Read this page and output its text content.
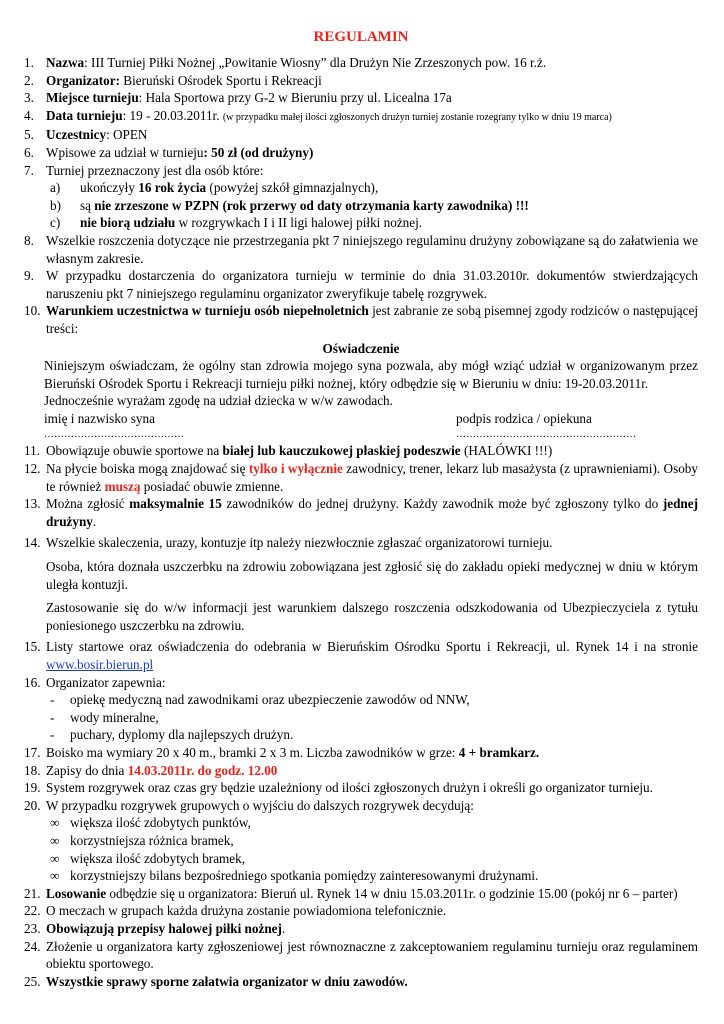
REGULAMIN
1. Nazwa: III Turniej Piłki Nożnej „Powitanie Wiosny” dla Drużyn Nie Zrzeszonych pow. 16 r.ż.
2. Organizator: Bieruński Ośrodek Sportu i Rekreacji
3. Miejsce turnieju: Hala Sportowa przy G-2 w Bieruniu przy ul. Licealna 17a
4. Data turnieju: 19 - 20.03.2011r. (w przypadku małej ilości zgłoszonych drużyn turniej zostanie rozegrany tylko w dniu 19 marca)
5. Uczestnicy: OPEN
6. Wpisowe za udział w turnieju: 50 zł (od drużyny)
7. Turniej przeznaczony jest dla osób które:
a)	ukończyły 16 rok życia (powyżej szkół gimnazjalnych),
b)	są nie zrzeszone w PZPN (rok przerwy od daty otrzymania karty zawodnika) !!!
c)	nie biorą udziału w rozgrywkach I i II ligi halowej piłki nożnej.
8. Wszelkie roszczenia dotyczące nie przestrzegania pkt 7 niniejszego regulaminu drużyny zobowiązane są do załatwienia we własnym zakresie.
9. W przypadku dostarczenia do organizatora turnieju w terminie do dnia 31.03.2010r. dokumentów stwierdzających naruszeniu pkt 7 niniejszego regulaminu organizator zweryfikuje tabelę rozgrywek.
10. Warunkiem uczestnictwa w turnieju osób niepełnoletnich jest zabranie ze sobą pisemnej zgody rodziców o następującej treści:
Oświadczenie
Niniejszym oświadczam, że ogólny stan zdrowia mojego syna pozwala, aby mógł wziąć udział w organizowanym przez Bieruński Ośrodek Sportu i Rekreacji turnieju piłki nożnej, który odbędzie się w Bieruniu w dniu: 19-20.03.2011r.
Jednocześnie wyrażam zgodę na udział dziecka w w/w zawodach.
imię i nazwisko syna	podpis rodzica / opiekuna
……………………………………	………………………………………………
11. Obowiązuje obuwie sportowe na białej lub kauczukowej płaskiej podeszwie (HALÓWKI !!!)
12. Na płycie boiska mogą znajdować się tylko i wyłącznie zawodnicy, trener, lekarz lub masażysta (z uprawnieniami). Osoby te również muszą posiadać obuwie zmienne.
13. Można zgłosić maksymalnie 15 zawodników do jednej drużyny. Każdy zawodnik może być zgłoszony tylko do jednej drużyny.
14. Wszelkie skaleczenia, urazy, kontuzje itp należy niezwłocznie zgłaszać organizatorowi turnieju.
Osoba, która doznała uszczerbku na zdrowiu zobowiązana jest zgłosić się do zakładu opieki medycznej w dniu w którym uległa kontuzji.
Zastosowanie się do w/w informacji jest warunkiem dalszego roszczenia odszkodowania od Ubezpieczyciela z tytułu poniesionego uszczerbku na zdrowiu.
15. Listy startowe oraz oświadczenia do odebrania w Bieruńskim Ośrodku Sportu i Rekreacji, ul. Rynek 14 i na stronie www.bosir.bierun.pl
16. Organizator zapewnia:
-	opiekę medyczną nad zawodnikami oraz ubezpieczenie zawodów od NNW,
-	wody mineralne,
-	puchary, dyplomy dla najlepszych drużyn.
17. Boisko ma wymiary 20 x 40 m., bramki 2 x 3 m. Liczba zawodników w grze: 4 + bramkarz.
18. Zapisy do dnia 14.03.2011r. do godz. 12.00
19. System rozgrywek oraz czas gry będzie uzależniony od ilości zgłoszonych drużyn i określi go organizator turnieju.
20. W przypadku rozgrywek grupowych o wyjściu do dalszych rozgrywek decydują:
∞ większa ilość zdobytych punktów,
∞ korzystniejsza różnica bramek,
∞ większa ilość zdobytych bramek,
∞ korzystniejszy bilans bezpośredniego spotkania pomiędzy zainteresowanymi drużynami.
21. Losowanie odbędzie się u organizatora: Bieruń ul. Rynek 14 w dniu 15.03.2011r. o godzinie 15.00 (pokój nr 6 – parter)
22. O meczach w grupach każda drużyna zostanie powiadomiona telefonicznie.
23. Obowiązują przepisy halowej piłki nożnej.
24. Złożenie u organizatora karty zgłoszeniowej jest równoznaczne z zakceptowaniem regulaminu turnieju oraz regulaminem obiektu sportowego.
25. Wszystkie sprawy sporne załatwia organizator w dniu zawodów.
